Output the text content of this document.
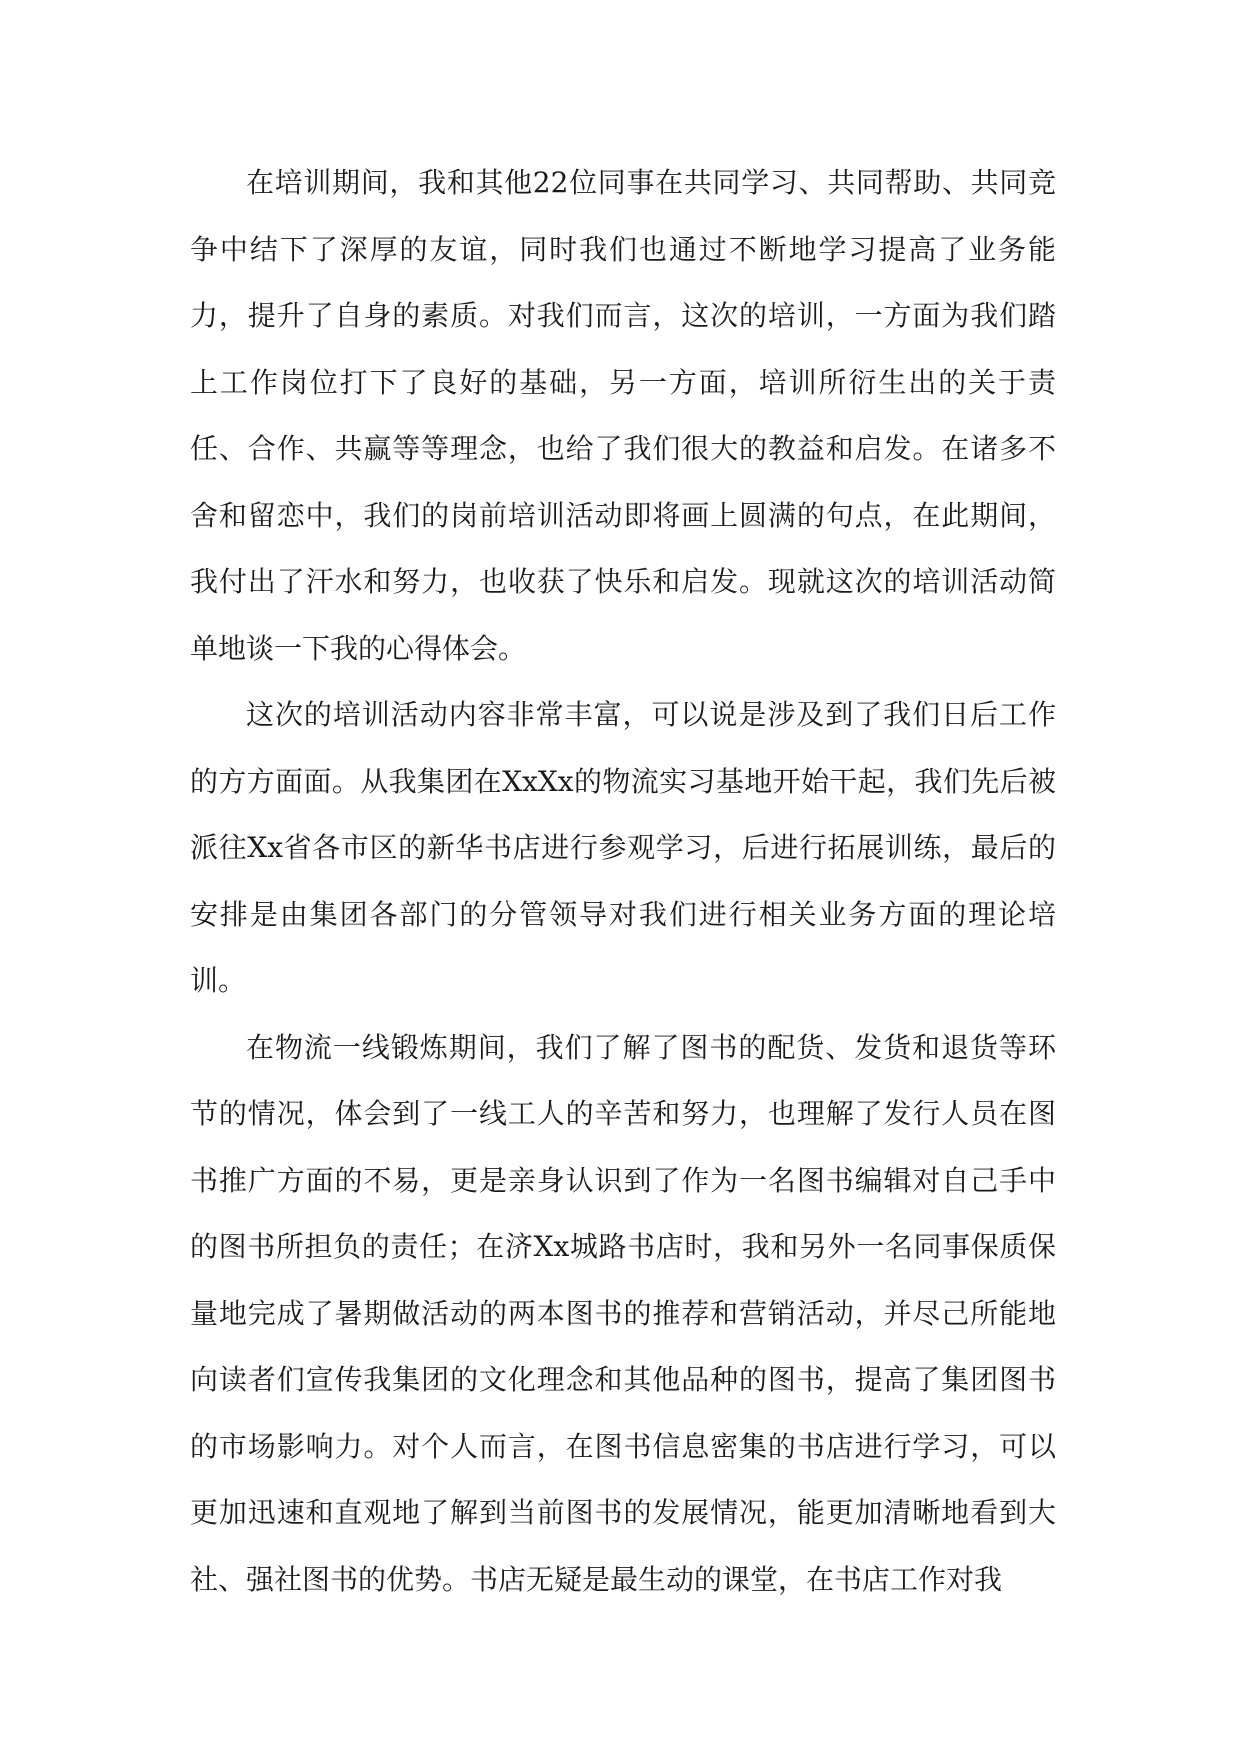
在培训期间，我和其他22位同事在共同学习、共同帮助、共同竞争中结下了深厚的友谊，同时我们也通过不断地学习提高了业务能力，提升了自身的素质。对我们而言，这次的培训，一方面为我们踏上工作岗位打下了良好的基础，另一方面，培训所衍生出的关于责任、合作、共赢等等理念，也给了我们很大的教益和启发。在诸多不舍和留恋中，我们的岗前培训活动即将画上圆满的句点，在此期间，我付出了汗水和努力，也收获了快乐和启发。现就这次的培训活动简单地谈一下我的心得体会。

这次的培训活动内容非常丰富，可以说是涉及到了我们日后工作的方方面面。从我集团在XxXx的物流实习基地开始干起，我们先后被派往Xx省各市区的新华书店进行参观学习，后进行拓展训练，最后的安排是由集团各部门的分管领导对我们进行相关业务方面的理论培训。

在物流一线锻炼期间，我们了解了图书的配货、发货和退货等环节的情况，体会到了一线工人的辛苦和努力，也理解了发行人员在图书推广方面的不易，更是亲身认识到了作为一名图书编辑对自己手中的图书所担负的责任；在济Xx城路书店时，我和另外一名同事保质保量地完成了暑期做活动的两本图书的推荐和营销活动，并尽己所能地向读者们宣传我集团的文化理念和其他品种的图书，提高了集团图书的市场影响力。对个人而言，在图书信息密集的书店进行学习，可以更加迅速和直观地了解到当前图书的发展情况，能更加清晰地看到大社、强社图书的优势。书店无疑是最生动的课堂，在书店工作对我
